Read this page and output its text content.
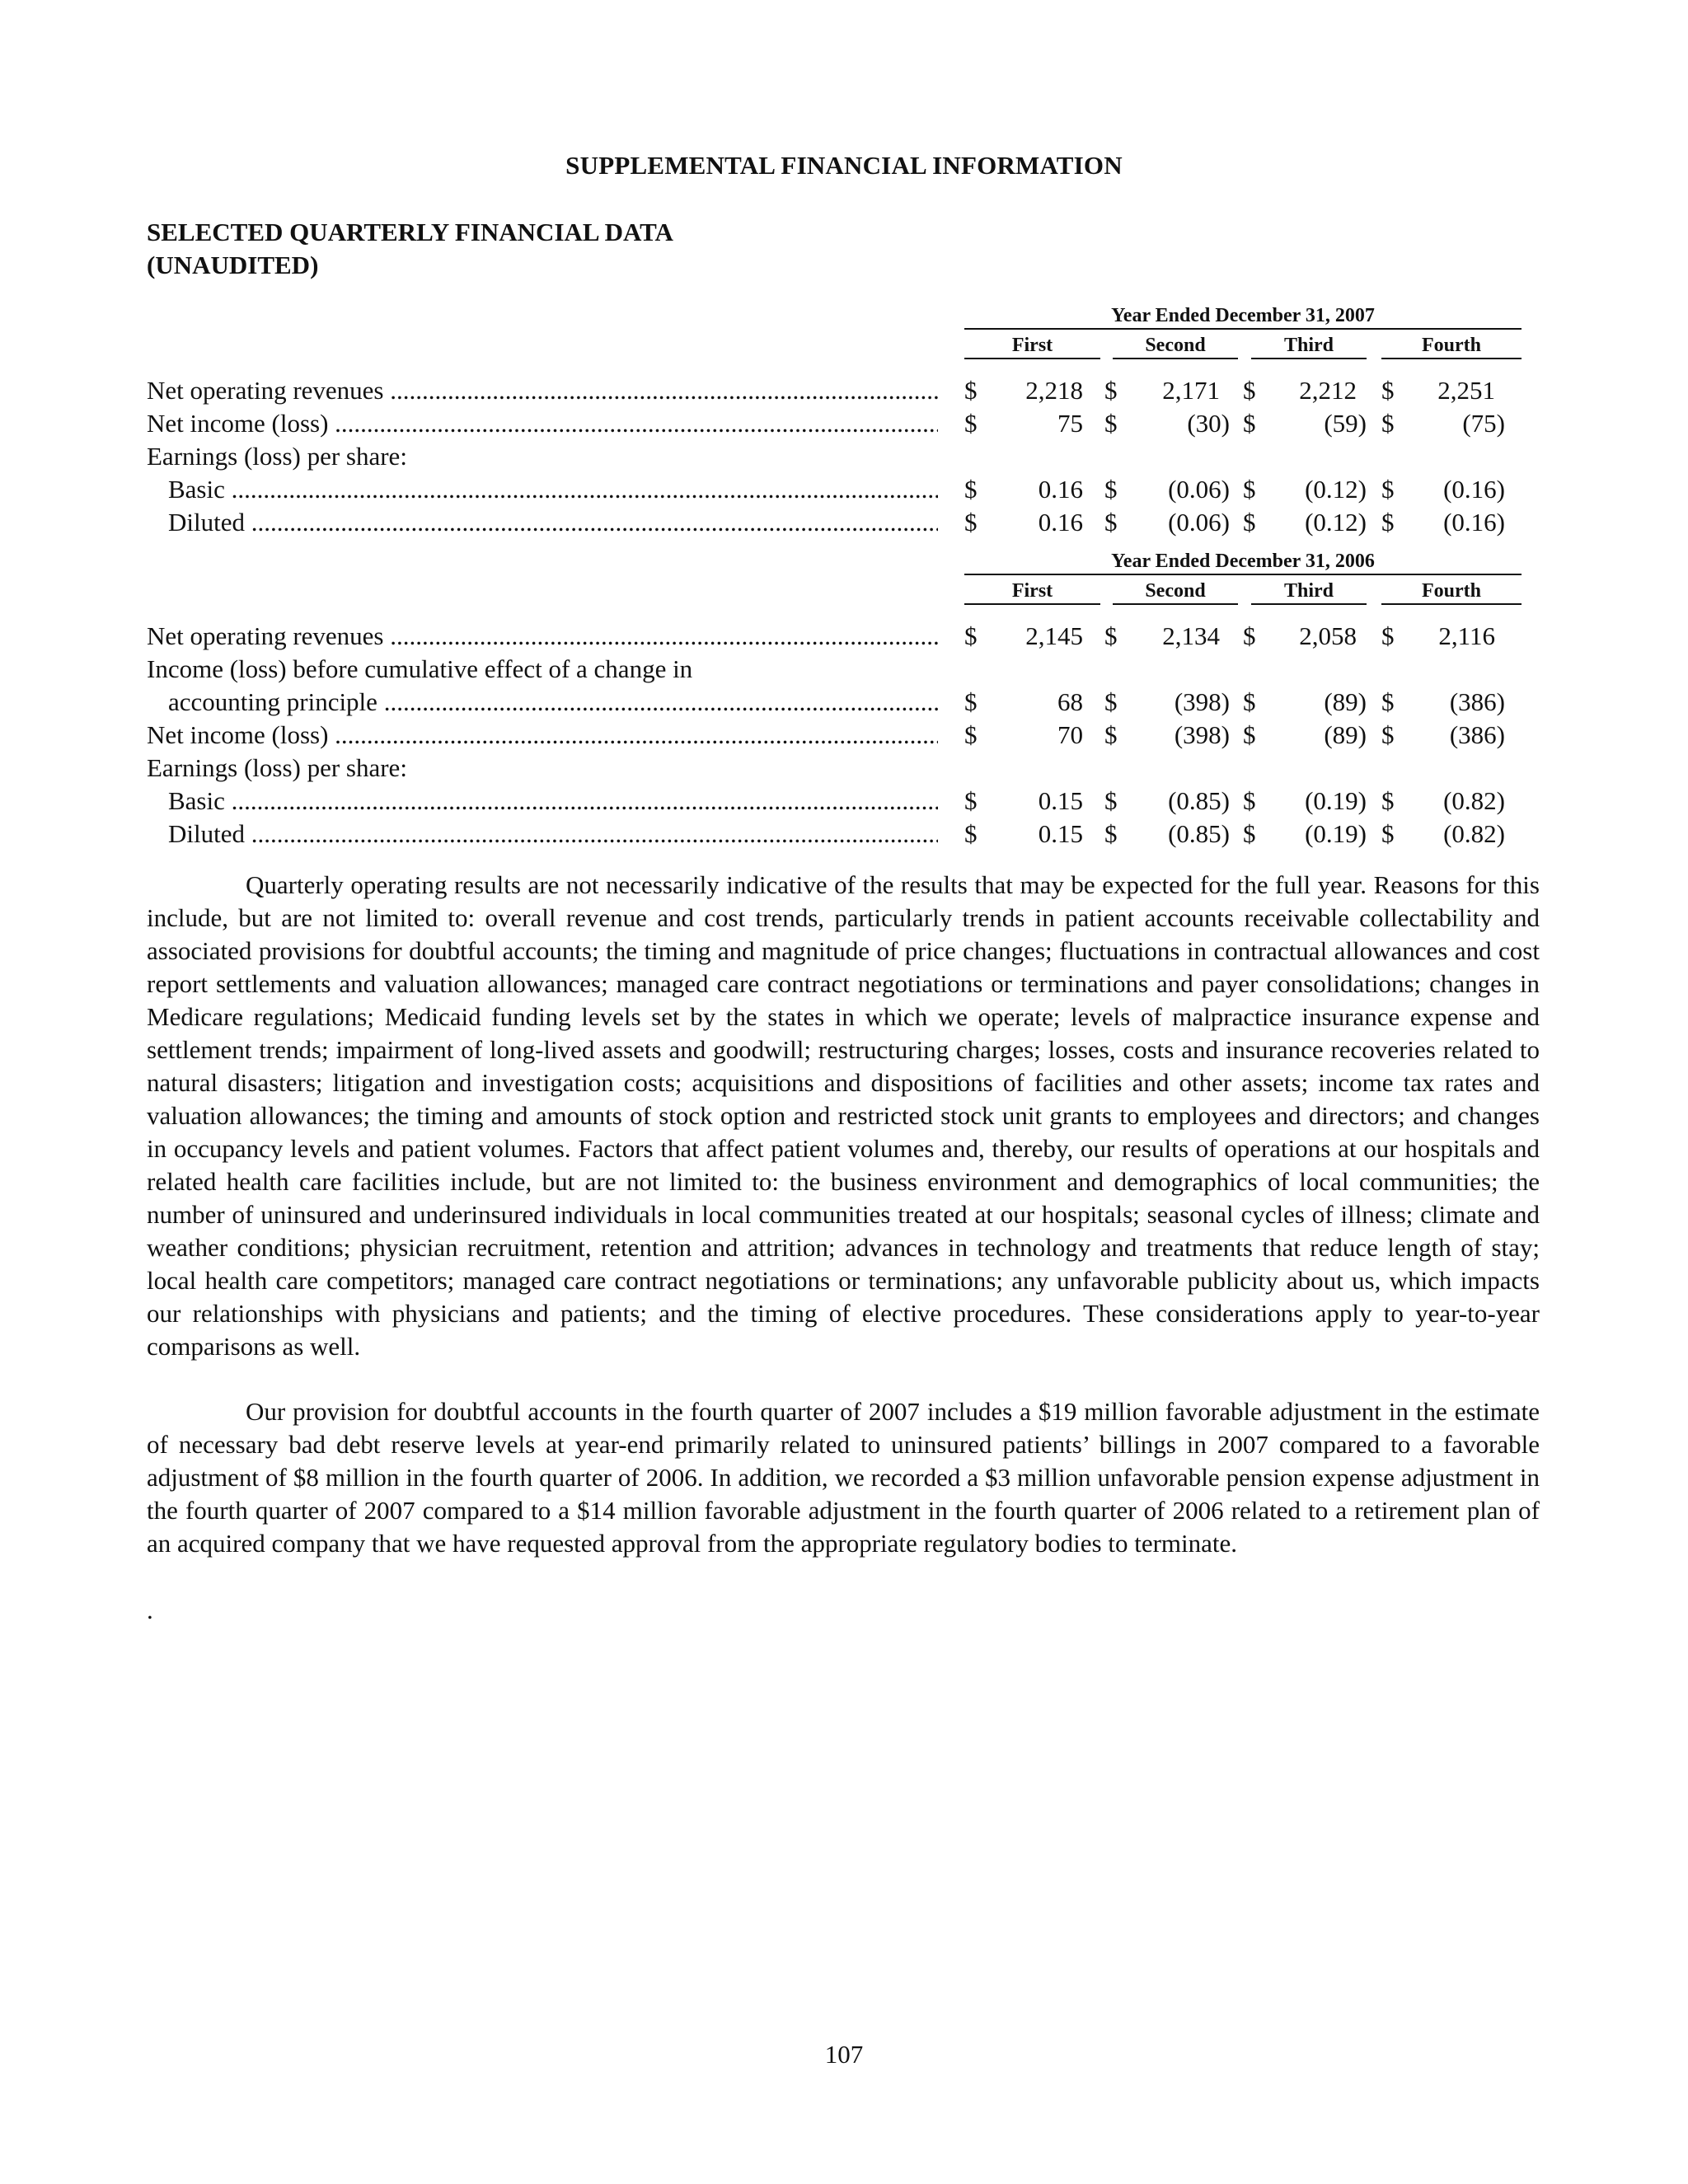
SUPPLEMENTAL FINANCIAL INFORMATION
SELECTED QUARTERLY FINANCIAL DATA
(UNAUDITED)
Year Ended December 31, 2007
First	Second	Third	Fourth
Net operating revenues .....	$ 2,218 $ 2,171 $ 2,212 $ 2,251
Net income (loss) .....	$	75 $	(30) $	(59) $	(75)
Earnings (loss) per share:
Basic .....	$ 0.16 $ (0.06) $ (0.12) $ (0.16)
Diluted .....	$ 0.16 $ (0.06) $ (0.12) $ (0.16)
Year Ended December 31, 2006
First	Second	Third	Fourth
Net operating revenues .....	$ 2,145 $ 2,134 $ 2,058 $ 2,116
Income (loss) before cumulative effect of a change in
accounting principle .....	$	68 $ (398) $	(89) $ (386)
Net income (loss) .....	$	70 $ (398) $	(89) $ (386)
Earnings (loss) per share:
Basic .....	$ 0.15 $ (0.85) $ (0.19) $ (0.82)
Diluted .....	$ 0.15 $ (0.85) $ (0.19) $ (0.82)

Quarterly operating results are not necessarily indicative of the results that may be expected for the full year. Reasons for this include, but are not limited to: overall revenue and cost trends, particularly trends in patient accounts receivable collectability and associated provisions for doubtful accounts; the timing and magnitude of price changes; fluctuations in contractual allowances and cost report settlements and valuation allowances; managed care contract negotiations or terminations and payer consolidations; changes in Medicare regulations; Medicaid funding levels set by the states in which we operate; levels of malpractice insurance expense and settlement trends; impairment of long-lived assets and goodwill; restructuring charges; losses, costs and insurance recoveries related to natural disasters; litigation and investigation costs; acquisitions and dispositions of facilities and other assets; income tax rates and valuation allowances; the timing and amounts of stock option and restricted stock unit grants to employees and directors; and changes in occupancy levels and patient volumes. Factors that affect patient volumes and, thereby, our results of operations at our hospitals and related health care facilities include, but are not limited to: the business environment and demographics of local communities; the number of uninsured and underinsured individuals in local communities treated at our hospitals; seasonal cycles of illness; climate and weather conditions; physician recruitment, retention and attrition; advances in technology and treatments that reduce length of stay; local health care competitors; managed care contract negotiations or terminations; any unfavorable publicity about us, which impacts our relationships with physicians and patients; and the timing of elective procedures. These considerations apply to year-to-year comparisons as well.

Our provision for doubtful accounts in the fourth quarter of 2007 includes a $19 million favorable adjustment in the estimate of necessary bad debt reserve levels at year-end primarily related to uninsured patients’ billings in 2007 compared to a favorable adjustment of $8 million in the fourth quarter of 2006. In addition, we recorded a $3 million unfavorable pension expense adjustment in the fourth quarter of 2007 compared to a $14 million favorable adjustment in the fourth quarter of 2006 related to a retirement plan of an acquired company that we have requested approval from the appropriate regulatory bodies to terminate.

.
107
